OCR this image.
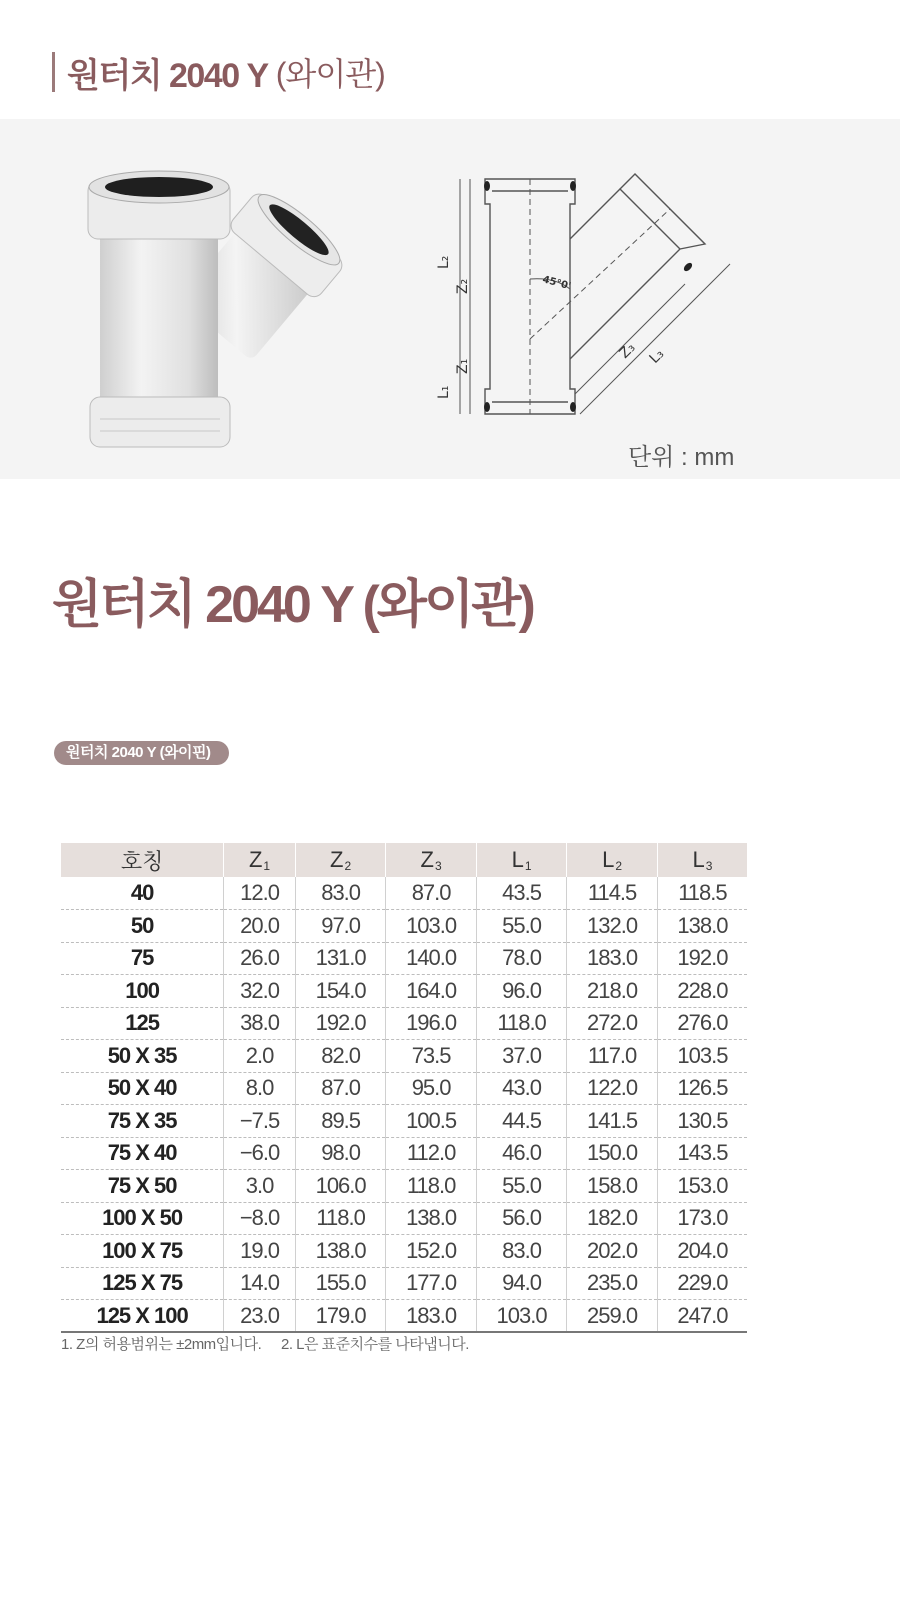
원터치 2040 Y (와이관)
L₂
Z₂
Z₁
L₁
Z₃ L₃
45°0'
단위 : mm
원터치 2040 Y (와이관)
원터치 2040 Y (와이핀)
호칭	Z1	Z2	Z3	L1	L2	L3
40	12.0	83.0	87.0	43.5	114.5	118.5
50	20.0	97.0	103.0	55.0	132.0	138.0
75	26.0	131.0	140.0	78.0	183.0	192.0
100	32.0	154.0	164.0	96.0	218.0	228.0
125	38.0	192.0	196.0	118.0	272.0	276.0
50 X 35	2.0	82.0	73.5	37.0	117.0	103.5
50 X 40	8.0	87.0	95.0	43.0	122.0	126.5
75 X 35	−7.5	89.5	100.5	44.5	141.5	130.5
75 X 40	−6.0	98.0	112.0	46.0	150.0	143.5
75 X 50	3.0	106.0	118.0	55.0	158.0	153.0
100 X 50	−8.0	118.0	138.0	56.0	182.0	173.0
100 X 75	19.0	138.0	152.0	83.0	202.0	204.0
125 X 75	14.0	155.0	177.0	94.0	235.0	229.0
125 X 100	23.0	179.0	183.0	103.0	259.0	247.0
1. Z의 허용범위는 ±2mm입니다. 2. L은 표준치수를 나타냅니다.
